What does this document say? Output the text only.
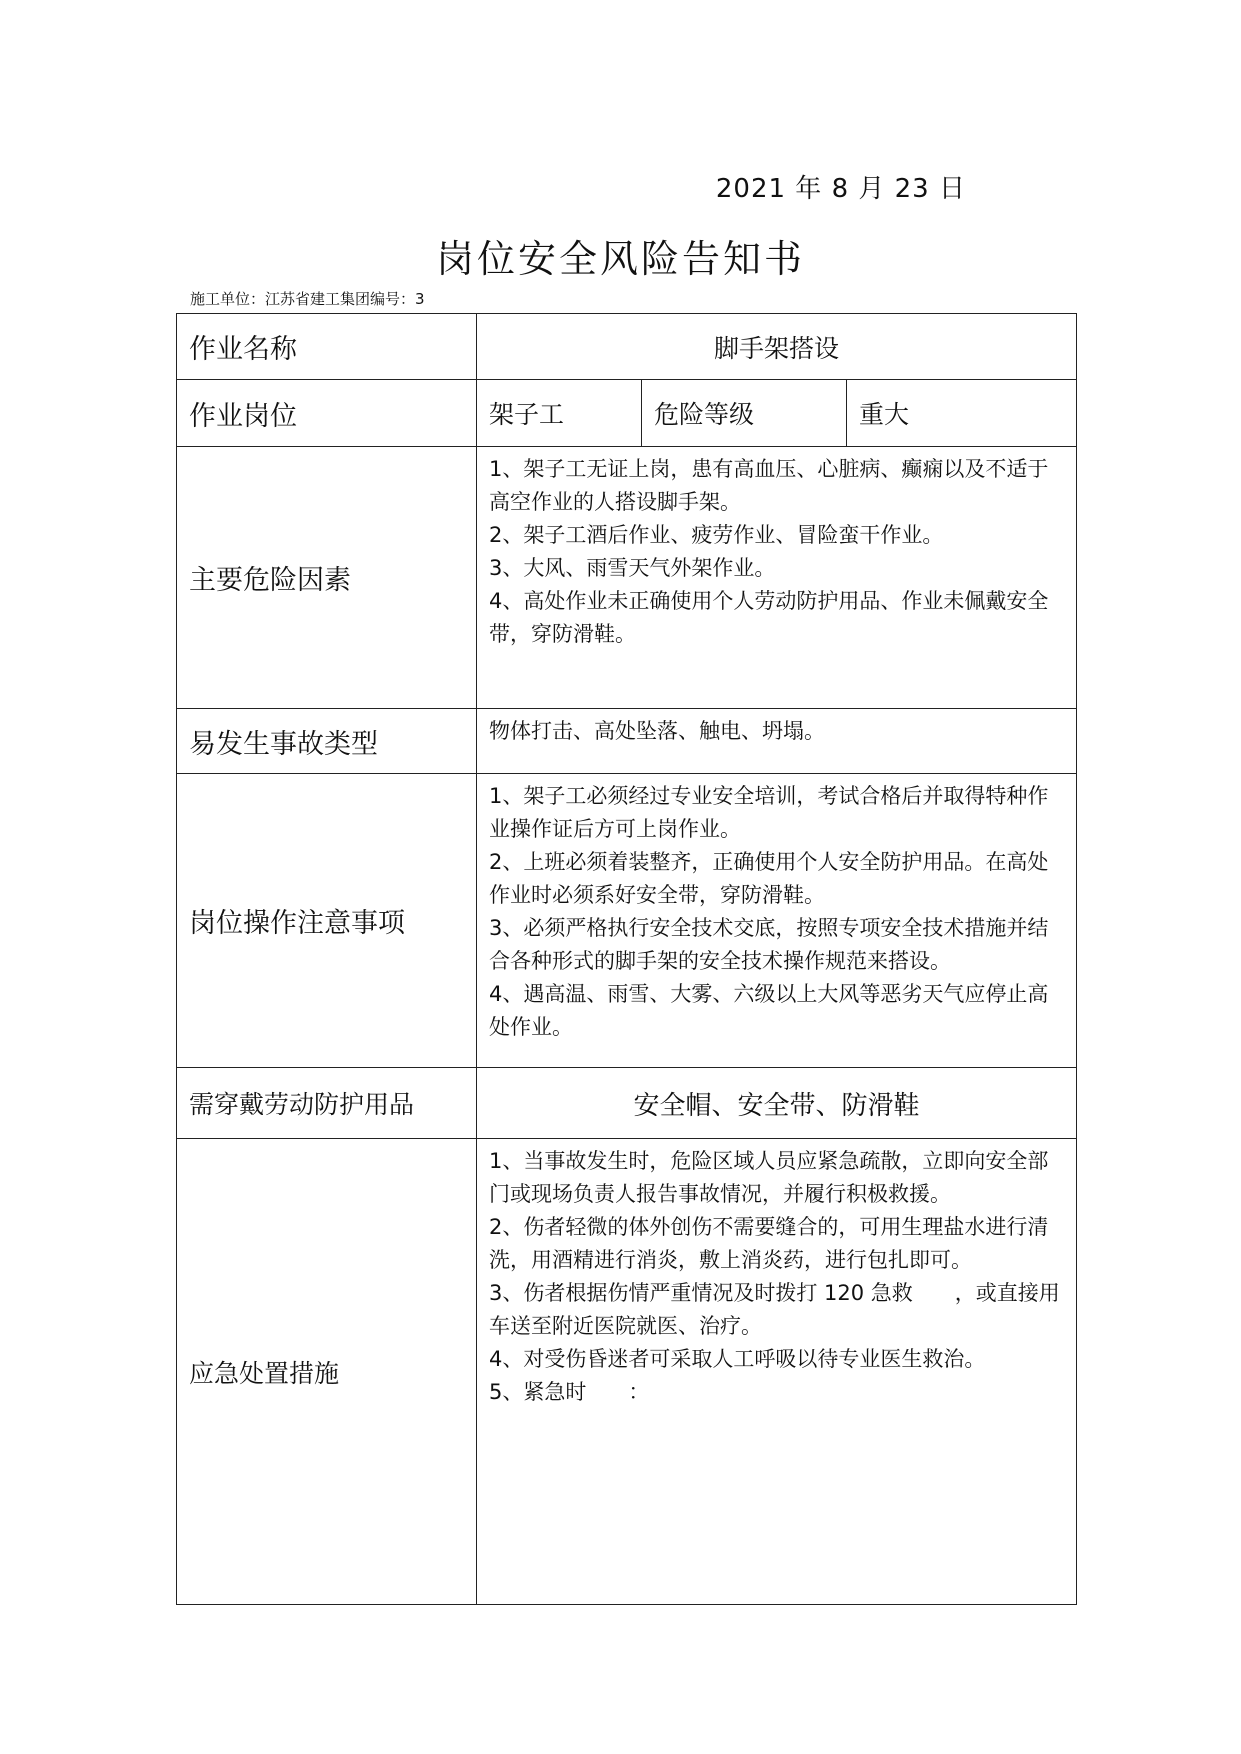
2021 年 8 月 23 日
岗位安全风险告知书
施工单位：江苏省建工集团编号：3
作业名称	脚手架搭设		
作业岗位	架子工	危险等级	重大
主要危险因素	1、架子工无证上岗，患有高血压、心脏病、癫痫以及不适于高空作业的人搭设脚手架。
2、架子工酒后作业、疲劳作业、冒险蛮干作业。
3、大风、雨雪天气外架作业。
4、高处作业未正确使用个人劳动防护用品、作业未佩戴安全带，穿防滑鞋。		

易发生事故类型	物体打击、高处坠落、触电、坍塌。		
岗位操作注意事项	1、架子工必须经过专业安全培训，考试合格后并取得特种作业操作证后方可上岗作业。
2、上班必须着装整齐，正确使用个人安全防护用品。在高处作业时必须系好安全带，穿防滑鞋。
3、必须严格执行安全技术交底，按照专项安全技术措施并结合各种形式的脚手架的安全技术操作规范来搭设。
4、遇高温、雨雪、大雾、六级以上大风等恶劣天气应停止高处作业。		

需穿戴劳动防护用品	安全帽、安全带、防滑鞋		
应急处置措施	1、当事故发生时，危险区域人员应紧急疏散，立即向安全部门或现场负责人报告事故情况，并履行积极救援。
2、伤者轻微的体外创伤不需要缝合的，可用生理盐水进行清洗，用酒精进行消炎，敷上消炎药，进行包扎即可。
3、伤者根据伤情严重情况及时拨打 120 急救　　，或直接用车送至附近医院就医、治疗。
4、对受伤昏迷者可采取人工呼吸以待专业医生救治。
5、紧急时　　：		
